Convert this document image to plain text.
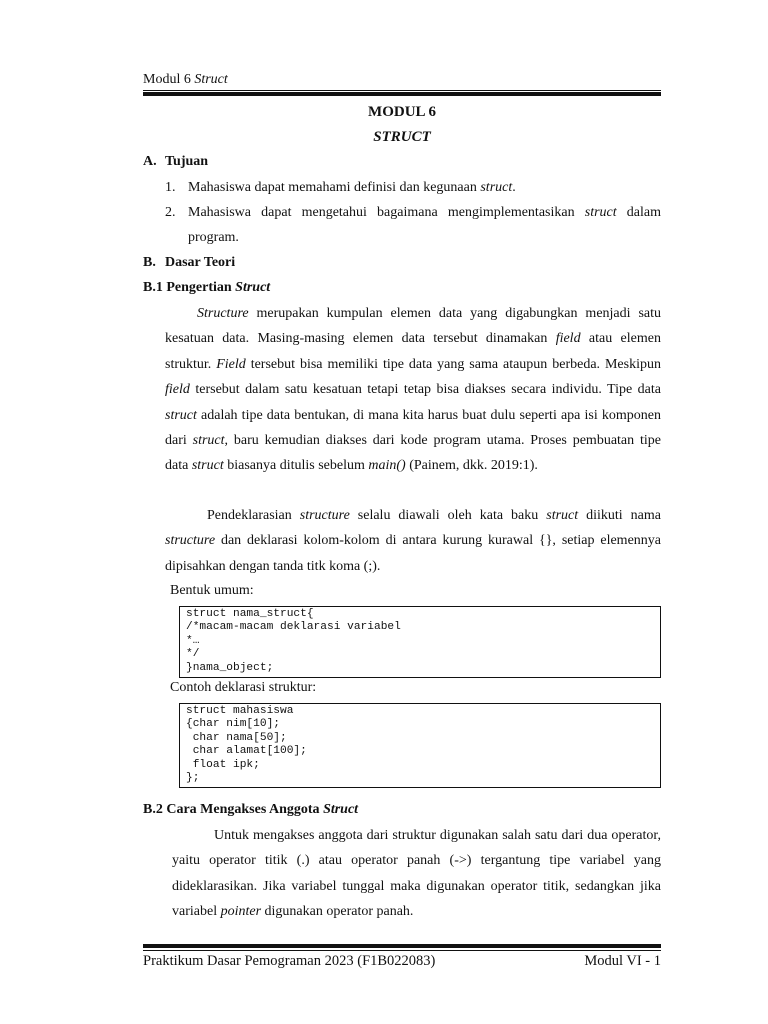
Modul 6 Struct
MODUL 6
STRUCT
A. Tujuan
1. Mahasiswa dapat memahami definisi dan kegunaan struct.
2. Mahasiswa dapat mengetahui bagaimana mengimplementasikan struct dalam program.
B. Dasar Teori
B.1 Pengertian Struct
Structure merupakan kumpulan elemen data yang digabungkan menjadi satu kesatuan data. Masing-masing elemen data tersebut dinamakan field atau elemen struktur. Field tersebut bisa memiliki tipe data yang sama ataupun berbeda. Meskipun field tersebut dalam satu kesatuan tetapi tetap bisa diakses secara individu. Tipe data struct adalah tipe data bentukan, di mana kita harus buat dulu seperti apa isi komponen dari struct, baru kemudian diakses dari kode program utama. Proses pembuatan tipe data struct biasanya ditulis sebelum main() (Painem, dkk. 2019:1).
Pendeklarasian structure selalu diawali oleh kata baku struct diikuti nama structure dan deklarasi kolom-kolom di antara kurung kurawal {}, setiap elemennya dipisahkan dengan tanda titk koma (;).
Bentuk umum:
struct nama_struct{
/*macam-macam deklarasi variabel
*…
*/
}nama_object;
Contoh deklarasi struktur:
struct mahasiswa
{char nim[10];
char nama[50];
char alamat[100];
float ipk;
};
B.2 Cara Mengakses Anggota Struct
Untuk mengakses anggota dari struktur digunakan salah satu dari dua operator, yaitu operator titik (.) atau operator panah (->) tergantung tipe variabel yang dideklarasikan. Jika variabel tunggal maka digunakan operator titik, sedangkan jika variabel pointer digunakan operator panah.
Praktikum Dasar Pemograman 2023 (F1B022083)	Modul VI - 1
